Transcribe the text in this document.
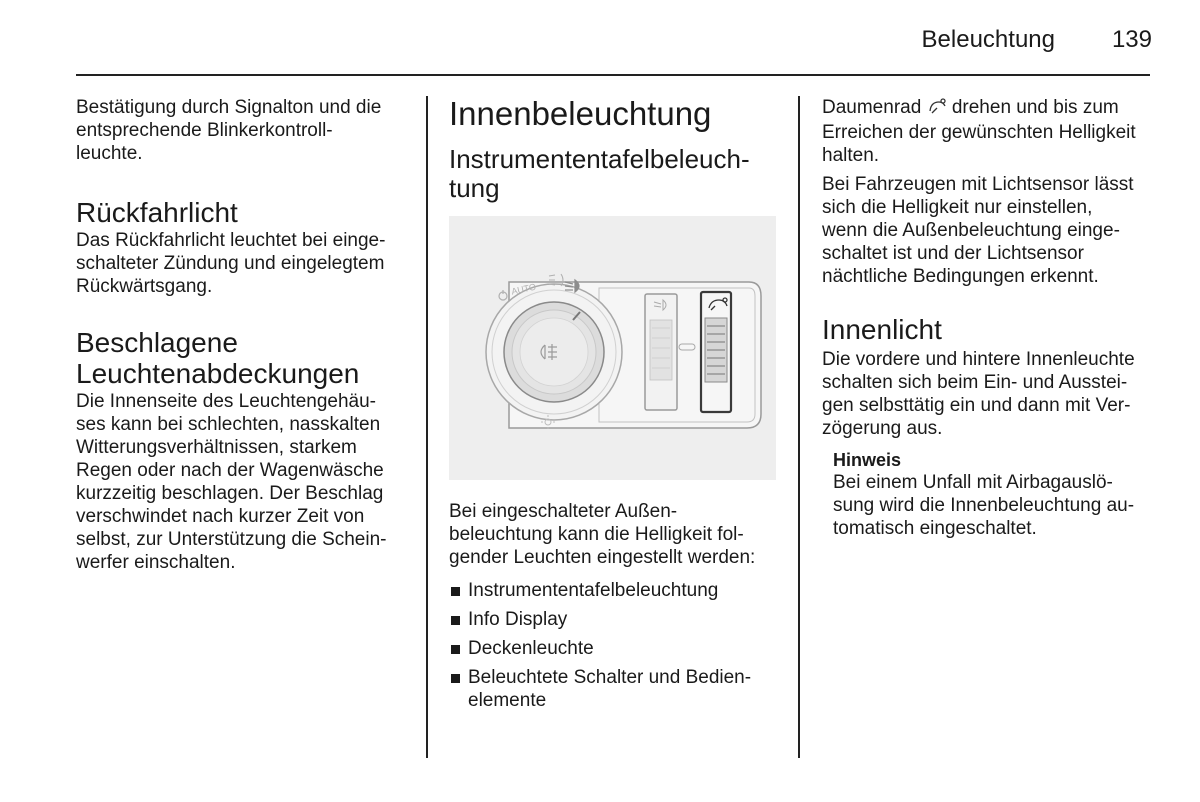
Beleuchtung	139

Bestätigung durch Signalton und die
entsprechende Blinkerkontroll-
leuchte.

Rückfahrlicht

Das Rückfahrlicht leuchtet bei einge-
schalteter Zündung und eingelegtem
Rückwärtsgang.

Beschlagene
Leuchtenabdeckungen

Die Innenseite des Leuchtengehäu-
ses kann bei schlechten, nasskalten
Witterungsverhältnissen, starkem
Regen oder nach der Wagenwäsche
kurzzeitig beschlagen. Der Beschlag
verschwindet nach kurzer Zeit von
selbst, zur Unterstützung die Schein-
werfer einschalten.

Innenbeleuchtung
Instrumententafelbeleuch-
tung
AUTO

Bei eingeschalteter Außen-
beleuchtung kann die Helligkeit fol-
gender Leuchten eingestellt werden:

Instrumententafelbeleuchtung
Info Display
Deckenleuchte
Beleuchtete Schalter und Bedien-
elemente

Daumenrad drehen und bis zum
Erreichen der gewünschten Helligkeit
halten.

Bei Fahrzeugen mit Lichtsensor lässt
sich die Helligkeit nur einstellen,
wenn die Außenbeleuchtung einge-
schaltet ist und der Lichtsensor
nächtliche Bedingungen erkennt.

Innenlicht

Die vordere und hintere Innenleuchte
schalten sich beim Ein- und Ausstei-
gen selbsttätig ein und dann mit Ver-
zögerung aus.

Hinweis

Bei einem Unfall mit Airbagauslö-
sung wird die Innenbeleuchtung au-
tomatisch eingeschaltet.
